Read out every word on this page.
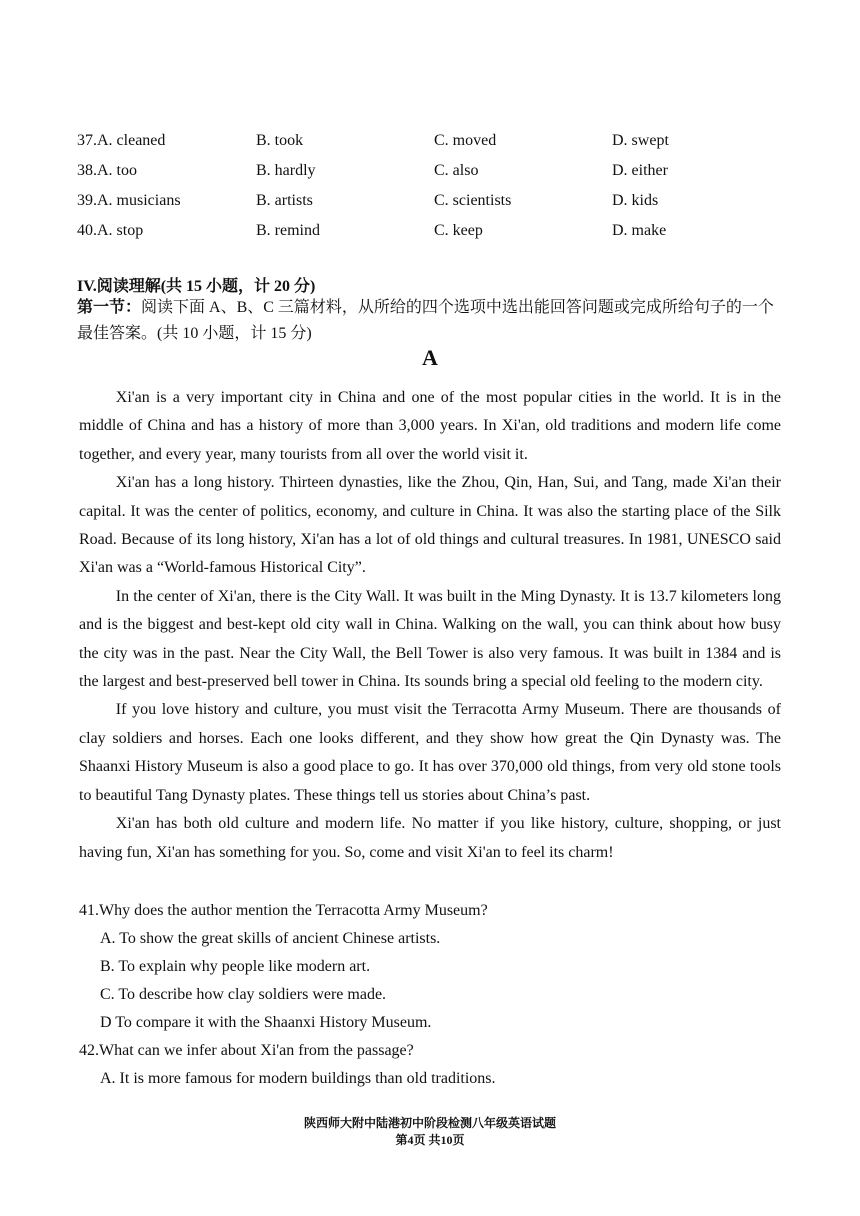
37.A. cleaned	B. took	C. moved	D. swept
38.A. too	B. hardly	C. also	D. either
39.A. musicians	B. artists	C. scientists	D. kids
40.A. stop	B. remind	C. keep	D. make
IV.阅读理解(共 15 小题，计 20 分)
第一节：阅读下面 A、B、C 三篇材料，从所给的四个选项中选出能回答问题或完成所给句子的一个最佳答案。(共 10 小题，计 15 分)
A

Xi'an is a very important city in China and one of the most popular cities in the world. It is in the middle of China and has a history of more than 3,000 years. In Xi'an, old traditions and modern life come together, and every year, many tourists from all over the world visit it.

Xi'an has a long history. Thirteen dynasties, like the Zhou, Qin, Han, Sui, and Tang, made Xi'an their capital. It was the center of politics, economy, and culture in China. It was also the starting place of the Silk Road. Because of its long history, Xi'an has a lot of old things and cultural treasures. In 1981, UNESCO said Xi'an was a “World-famous Historical City”.

In the center of Xi'an, there is the City Wall. It was built in the Ming Dynasty. It is 13.7 kilometers long and is the biggest and best-kept old city wall in China. Walking on the wall, you can think about how busy the city was in the past. Near the City Wall, the Bell Tower is also very famous. It was built in 1384 and is the largest and best-preserved bell tower in China. Its sounds bring a special old feeling to the modern city.

If you love history and culture, you must visit the Terracotta Army Museum. There are thousands of clay soldiers and horses. Each one looks different, and they show how great the Qin Dynasty was. The Shaanxi History Museum is also a good place to go. It has over 370,000 old things, from very old stone tools to beautiful Tang Dynasty plates. These things tell us stories about China’s past.

Xi'an has both old culture and modern life. No matter if you like history, culture, shopping, or just having fun, Xi'an has something for you. So, come and visit Xi'an to feel its charm!

41.Why does the author mention the Terracotta Army Museum?
A. To show the great skills of ancient Chinese artists.
B. To explain why people like modern art.
C. To describe how clay soldiers were made.
D To compare it with the Shaanxi History Museum.
42.What can we infer about Xi'an from the passage?
A. It is more famous for modern buildings than old traditions.
陕西师大附中陆港初中阶段检测八年级英语试题
第4页 共10页
